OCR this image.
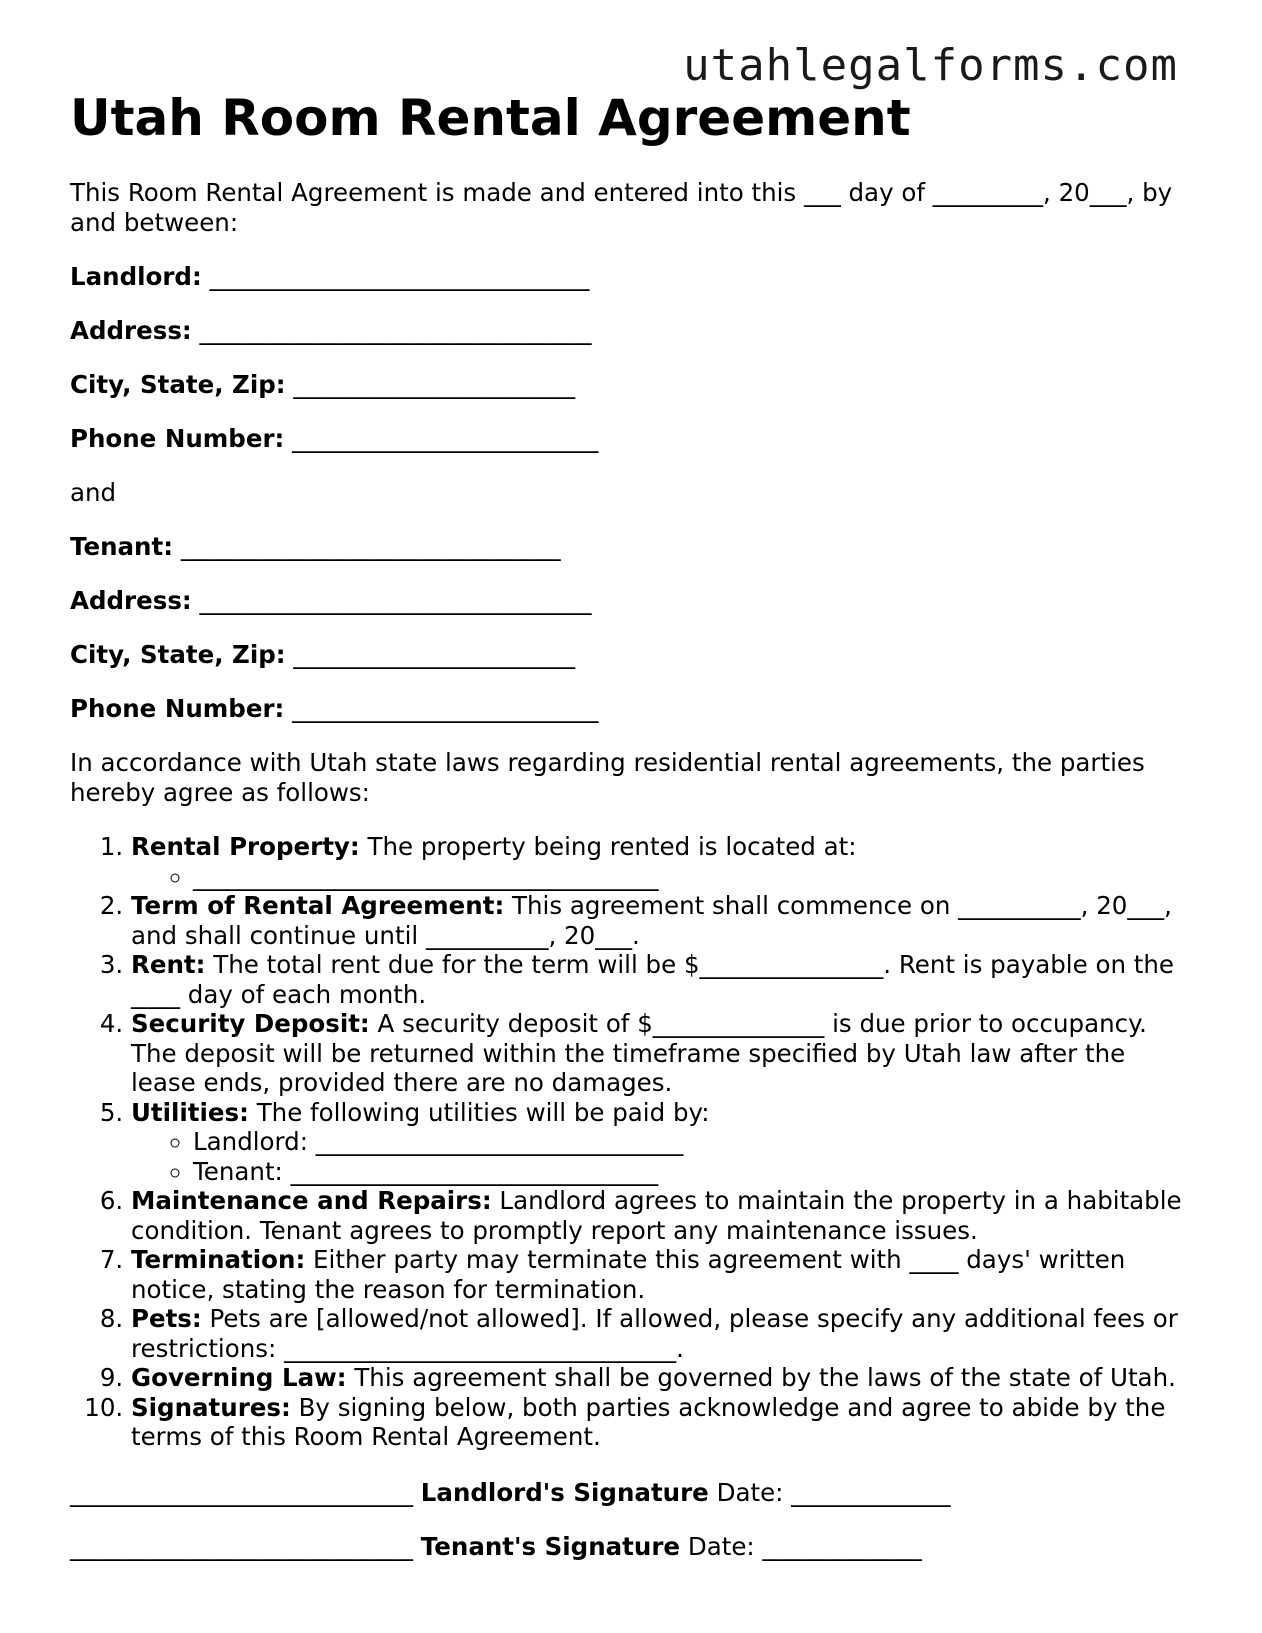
utahlegalforms.com
Utah Room Rental Agreement

This Room Rental Agreement is made and entered into this ___ day of _________, 20___, by and between:

Landlord: _______________________________

Address: ________________________________

City, State, Zip: _______________________

Phone Number: _________________________

and

Tenant: _______________________________

Address: ________________________________

City, State, Zip: _______________________

Phone Number: _________________________

In accordance with Utah state laws regarding residential rental agreements, the parties hereby agree as follows:

1. Rental Property: The property being rented is located at:
◦ ______________________________________
2. Term of Rental Agreement: This agreement shall commence on __________, 20___, and shall continue until __________, 20___.
3. Rent: The total rent due for the term will be $_______________. Rent is payable on the ____ day of each month.
4. Security Deposit: A security deposit of $______________ is due prior to occupancy. The deposit will be returned within the timeframe specified by Utah law after the lease ends, provided there are no damages.
5. Utilities: The following utilities will be paid by:
◦ Landlord: ______________________________
◦ Tenant: ______________________________
6. Maintenance and Repairs: Landlord agrees to maintain the property in a habitable condition. Tenant agrees to promptly report any maintenance issues.
7. Termination: Either party may terminate this agreement with ____ days' written notice, stating the reason for termination.
8. Pets: Pets are [allowed/not allowed]. If allowed, please specify any additional fees or restrictions: ________________________________.
9. Governing Law: This agreement shall be governed by the laws of the state of Utah.
10. Signatures: By signing below, both parties acknowledge and agree to abide by the terms of this Room Rental Agreement.

____________________________ Landlord's Signature Date: _____________

____________________________ Tenant's Signature Date: _____________
